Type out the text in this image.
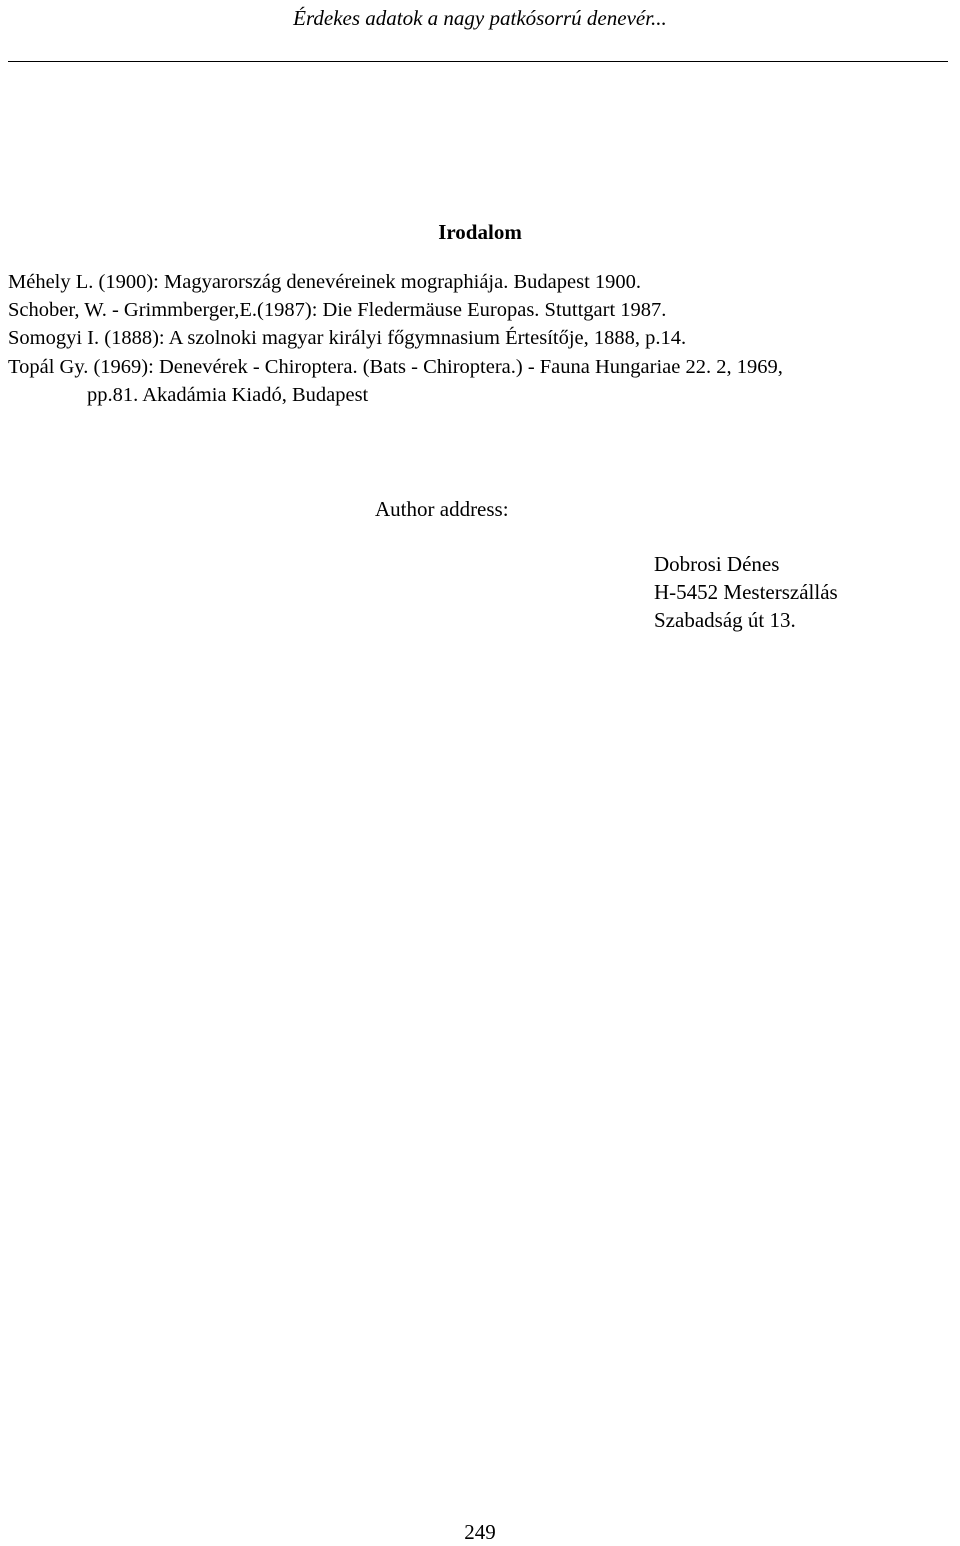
Érdekes adatok a nagy patkósorrú denevér...
Irodalom
Méhely L. (1900): Magyarország denevéreinek mographiája. Budapest 1900.
Schober, W. - Grimmberger,E.(1987): Die Fledermäuse Europas. Stuttgart 1987.
Somogyi I. (1888): A szolnoki magyar királyi főgymnasium Értesítője, 1888, p.14.
Topál Gy. (1969): Denevérek - Chiroptera. (Bats - Chiroptera.) - Fauna Hungariae 22. 2, 1969,
pp.81. Akadámia Kiadó, Budapest
Author address:
Dobrosi Dénes
H-5452 Mesterszállás
Szabadság út 13.
249
